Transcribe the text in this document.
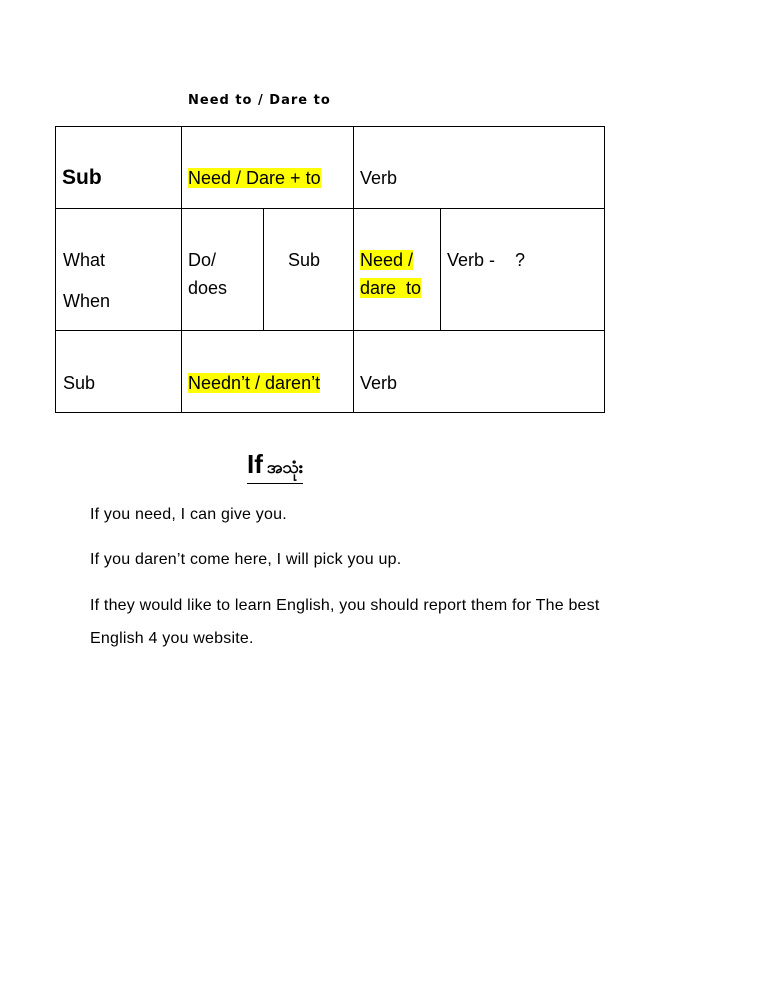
Need to / Dare to
Sub	Need / Dare + to Verb
What
When
Do/
does
Sub Need /
dare  to
Verb -    ?
Sub	Needn’t / daren’t Verb
If အသုံး
If you need, I can give you.
If you daren’t come here, I will pick you up.
If they would like to learn English, you should report them for The best
English 4 you website.
